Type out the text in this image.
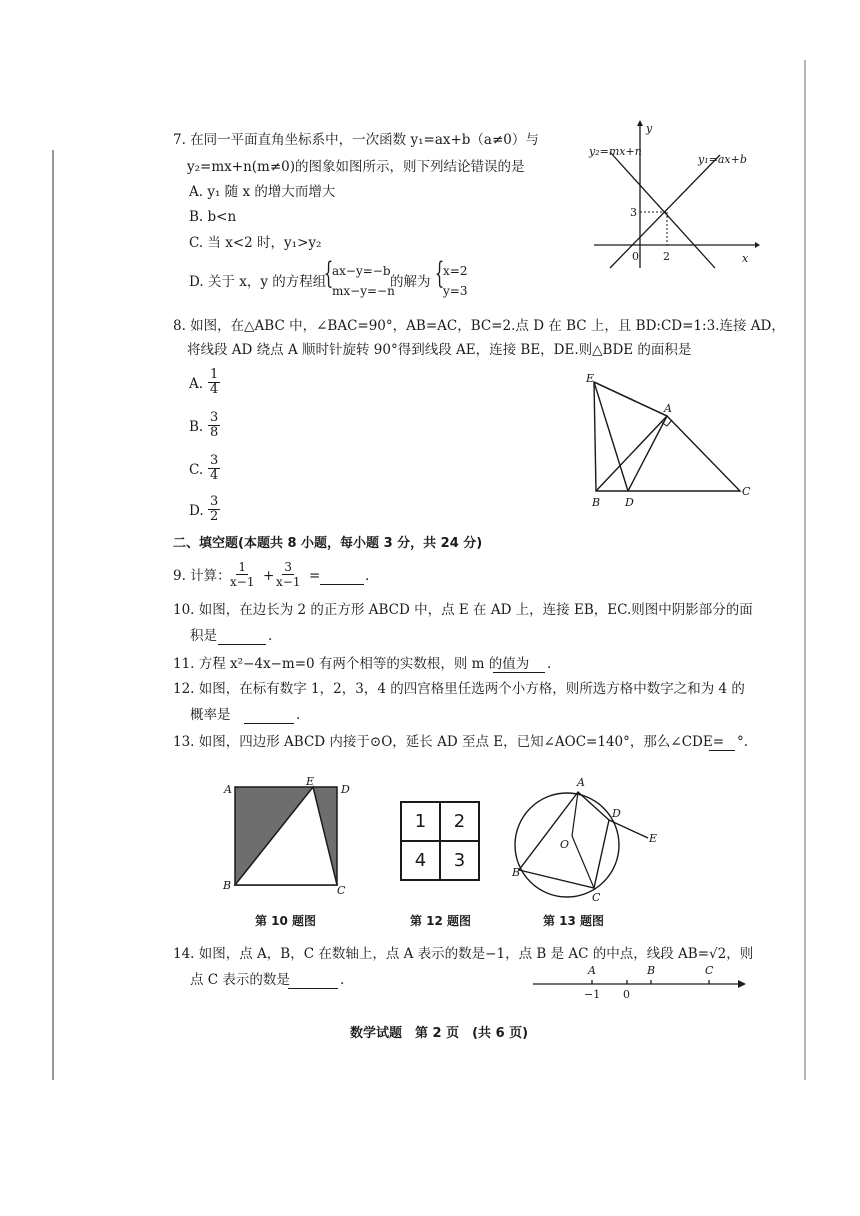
7. 在同一平面直角坐标系中，一次函数 y₁=ax+b（a≠0）与
y₂=mx+n(m≠0)的图象如图所示，则下列结论错误的是
A. y₁ 随 x 的增大而增大
B. b<n
C. 当 x<2 时，y₁>y₂
D. 关于 x，y 的方程组
{
ax−y=−b
mx−y=−n
的解为 {
x=2
y=3
y
x
0 2
3
y₂=mx+n
y₁=ax+b
8. 如图，在△ABC 中，∠BAC=90°，AB=AC，BC=2.点 D 在 BC 上，且 BD:CD=1:3.连接 AD，
将线段 AD 绕点 A 顺时针旋转 90°得到线段 AE，连接 BE，DE.则△BDE 的面积是
A. $\frac{1}{4}$
B. $\frac{3}{8}$
C. $\frac{3}{4}$
D. $\frac{3}{2}$
E
A
B D
C
二、填空题(本题共 8 小题，每小题 3 分，共 24 分)
9. 计算：
$\frac{1}{x-1} + \frac{3}{x-1}$ =	.
10. 如图，在边长为 2 的正方形 ABCD 中，点 E 在 AD 上，连接 EB，EC.则图中阴影部分的面
积是	.
11. 方程 x²−4x−m=0 有两个相等的实数根，则 m 的值为 .
12. 如图，在标有数字 1，2，3，4 的四宫格里任选两个小方格，则所选方格中数字之和为 4 的
概率是	.
13. 如图，四边形 ABCD 内接于⊙O，延长 AD 至点 E，已知∠AOC=140°，那么∠CDE= °.
A
E
D
B	C
第 10 题图
1	2
4	3
第 12 题图
A
D
E
O
B
C
第 13 题图
14. 如图，点 A，B，C 在数轴上，点 A 表示的数是−1，点 B 是 AC 的中点，线段 AB=√2，则
点 C 表示的数是	.
A	B	C
−1 0
数学试题　第 2 页　(共 6 页)
